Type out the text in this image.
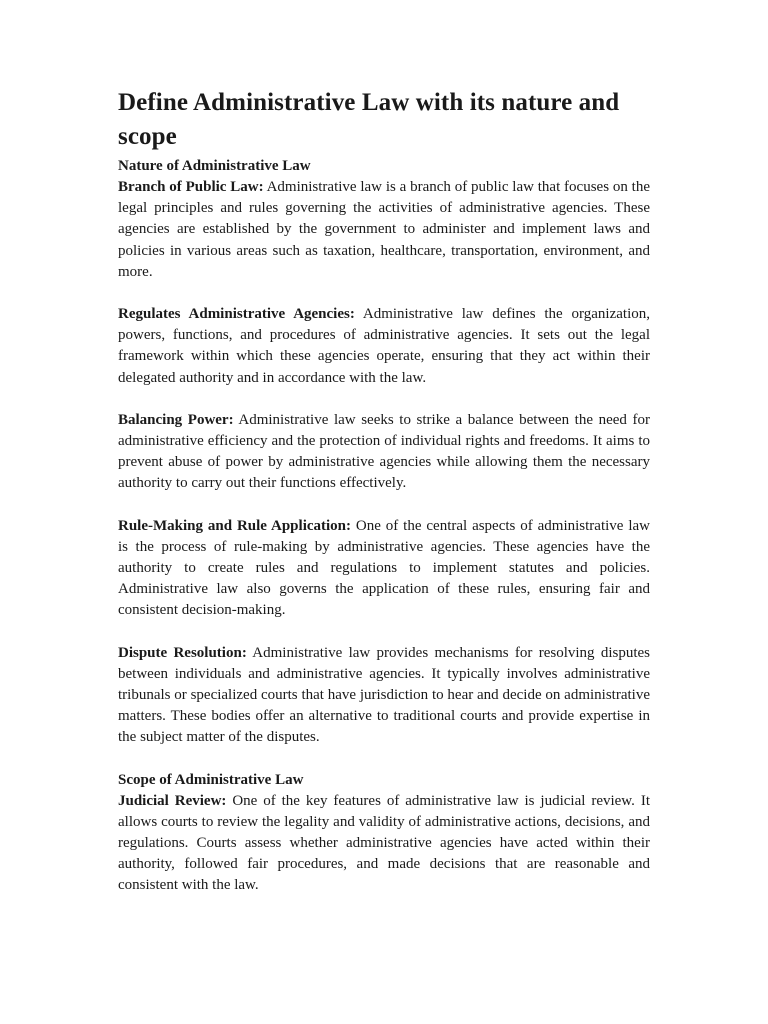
Define Administrative Law with its nature and scope
Nature of Administrative Law

Branch of Public Law: Administrative law is a branch of public law that focuses on the legal principles and rules governing the activities of administrative agencies. These agencies are established by the government to administer and implement laws and policies in various areas such as taxation, healthcare, transportation, environment, and more.

Regulates Administrative Agencies: Administrative law defines the organization, powers, functions, and procedures of administrative agencies. It sets out the legal framework within which these agencies operate, ensuring that they act within their delegated authority and in accordance with the law.

Balancing Power: Administrative law seeks to strike a balance between the need for administrative efficiency and the protection of individual rights and freedoms. It aims to prevent abuse of power by administrative agencies while allowing them the necessary authority to carry out their functions effectively.

Rule-Making and Rule Application: One of the central aspects of administrative law is the process of rule-making by administrative agencies. These agencies have the authority to create rules and regulations to implement statutes and policies. Administrative law also governs the application of these rules, ensuring fair and consistent decision-making.

Dispute Resolution: Administrative law provides mechanisms for resolving disputes between individuals and administrative agencies. It typically involves administrative tribunals or specialized courts that have jurisdiction to hear and decide on administrative matters. These bodies offer an alternative to traditional courts and provide expertise in the subject matter of the disputes.

Scope of Administrative Law

Judicial Review: One of the key features of administrative law is judicial review. It allows courts to review the legality and validity of administrative actions, decisions, and regulations. Courts assess whether administrative agencies have acted within their authority, followed fair procedures, and made decisions that are reasonable and consistent with the law.
